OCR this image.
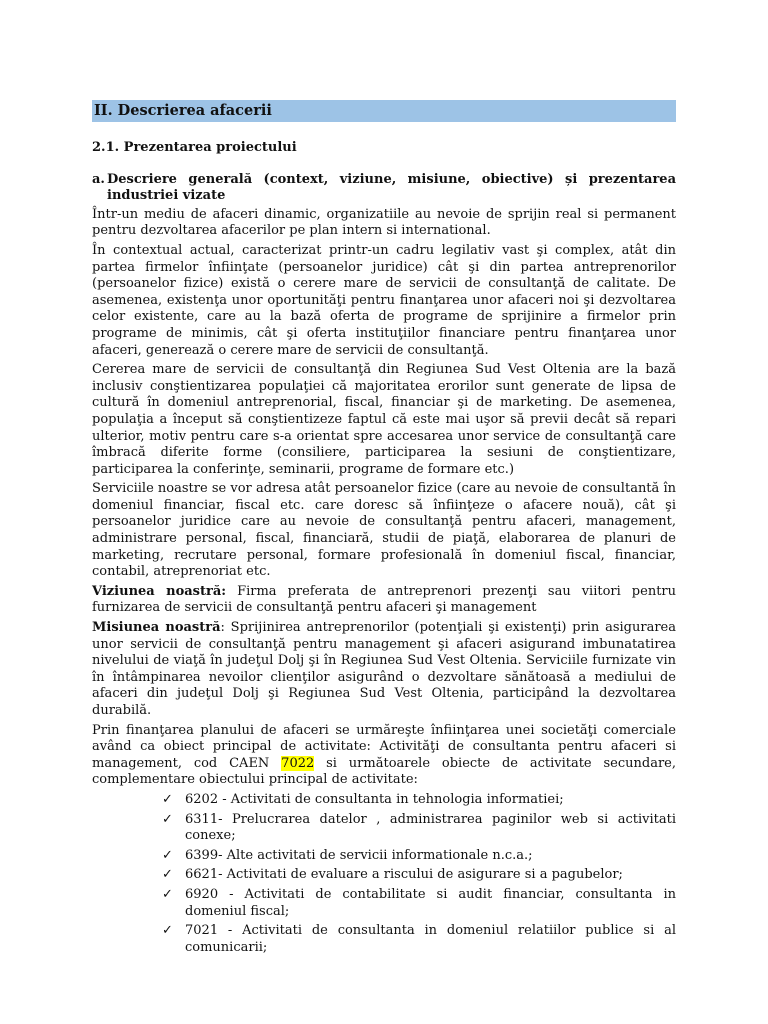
II. Descrierea afacerii
2.1. Prezentarea proiectului
a. Descriere generală (context, viziune, misiune, obiective) și prezentarea industriei vizate

Într-un mediu de afaceri dinamic, organizatiile au nevoie de sprijin real si permanent pentru dezvoltarea afacerilor pe plan intern si international.

În contextual actual, caracterizat printr-un cadru legilativ vast şi complex, atât din partea firmelor înfiinţate (persoanelor juridice) cât şi din partea antreprenorilor (persoanelor fizice) există o cerere mare de servicii de consultanţă de calitate. De asemenea, existenţa unor oportunităţi pentru finanţarea unor afaceri noi şi dezvoltarea celor existente, care au la bază oferta de programe de sprijinire a firmelor prin programe de minimis, cât şi oferta instituţiilor financiare pentru finanţarea unor afaceri, generează o cerere mare de servicii de consultanţă.

Cererea mare de servicii de consultanţă din Regiunea Sud Vest Oltenia are la bază inclusiv conştientizarea populaţiei că majoritatea erorilor sunt generate de lipsa de cultură în domeniul antreprenorial, fiscal, financiar şi de marketing. De asemenea, populaţia a început să conştientizeze faptul că este mai uşor să previi decât să repari ulterior, motiv pentru care s-a orientat spre accesarea unor service de consultanţă care îmbracă diferite forme (consiliere, participarea la sesiuni de conştientizare, participarea la conferinţe, seminarii, programe de formare etc.)

Serviciile noastre se vor adresa atât persoanelor fizice (care au nevoie de consultantă în domeniul financiar, fiscal etc. care doresc să înfiinţeze o afacere nouă), cât şi persoanelor juridice care au nevoie de consultanţă pentru afaceri, management, administrare personal, fiscal, financiară, studii de piaţă, elaborarea de planuri de marketing, recrutare personal, formare profesională în domeniul fiscal, financiar, contabil, atreprenoriat etc.

Viziunea noastră: Firma preferata de antreprenori prezenţi sau viitori pentru furnizarea de servicii de consultanţă pentru afaceri şi management

Misiunea noastră: Sprijinirea antreprenorilor (potenţiali şi existenţi) prin asigurarea unor servicii de consultanţă pentru management şi afaceri asigurand imbunatatirea nivelului de viaţă în judeţul Dolj şi în Regiunea Sud Vest Oltenia. Serviciile furnizate vin în întâmpinarea nevoilor clienţilor asigurând o dezvoltare sănătoasă a mediului de afaceri din judeţul Dolj şi Regiunea Sud Vest Oltenia, participând la dezvoltarea durabilă.

Prin finanţarea planului de afaceri se urmăreşte înfiinţarea unei societăţi comerciale având ca obiect principal de activitate: Activităţi de consultanta pentru afaceri si management, cod CAEN 7022 si următoarele obiecte de activitate secundare, complementare obiectului principal de activitate:

✓ 6202 - Activitati de consultanta in tehnologia informatiei;
✓ 6311- Prelucrarea datelor , administrarea paginilor web si activitati conexe;
✓ 6399- Alte activitati de servicii informationale n.c.a.;
✓ 6621- Activitati de evaluare a riscului de asigurare si a pagubelor;
✓ 6920 - Activitati de contabilitate si audit financiar, consultanta in domeniul fiscal;
✓ 7021 - Activitati de consultanta in domeniul relatiilor publice si al comunicarii;
